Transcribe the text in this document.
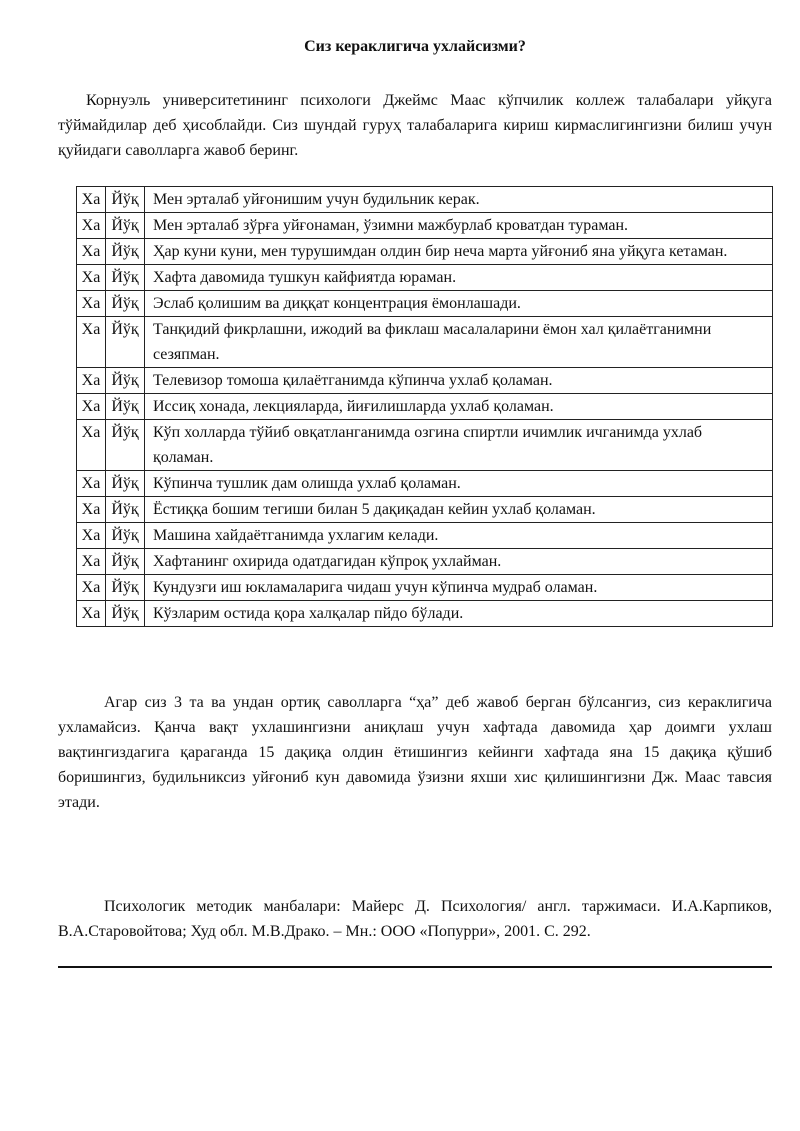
Сиз кераклигича ухлайсизми?

Корнуэль университетининг психологи Джеймс Маас кўпчилик коллеж талабалари уйқуга тўймайдилар деб ҳисоблайди. Сиз шундай гуруҳ талабаларига кириш кирмаслигингизни билиш учун қуйидаги саволларга жавоб беринг.

Ха	Йўқ	Мен эрталаб уйғонишим учун будильник керак.
Ха	Йўқ	Мен эрталаб зўрға уйғонаман, ўзимни мажбурлаб кроватдан тураман.
Ха	Йўқ	Ҳар куни куни, мен турушимдан олдин бир неча марта уйғониб яна уйқуга кетаман.
Ха	Йўқ	Хафта давомида тушкун кайфиятда юраман.
Ха	Йўқ	Эслаб қолишим ва диққат концентрация ёмонлашади.
Ха	Йўқ	Танқидий фикрлашни, ижодий ва фиклаш масалаларини ёмон хал қилаётганимни сезяпман.
Ха	Йўқ	Телевизор томоша қилаётганимда кўпинча ухлаб қоламан.
Ха	Йўқ	Иссиқ хонада, лекцияларда, йиғилишларда ухлаб қоламан.
Ха	Йўқ	Кўп холларда тўйиб овқатланганимда озгина спиртли ичимлик ичганимда ухлаб қоламан.
Ха	Йўқ	Кўпинча тушлик дам олишда ухлаб қоламан.
Ха	Йўқ	Ёстиққа бошим тегиши билан 5 дақиқадан кейин ухлаб қоламан.
Ха	Йўқ	Машина хайдаётганимда ухлагим келади.
Ха	Йўқ	Хафтанинг охирида одатдагидан кўпроқ ухлайман.
Ха	Йўқ	Кундузги иш юкламаларига чидаш учун кўпинча мудраб оламан.
Ха	Йўқ	Кўзларим остида қора халқалар пйдо бўлади.

Агар сиз 3 та ва ундан ортиқ саволларга “ҳа” деб жавоб берган бўлсангиз, сиз кераклигича ухламайсиз. Қанча вақт ухлашингизни аниқлаш учун хафтада давомида ҳар доимги ухлаш вақтингиздагига қараганда 15 дақиқа олдин ётишингиз кейинги хафтада яна 15 дақиқа қўшиб боришингиз, будильниксиз уйғониб кун давомида ўзизни яхши хис қилишингизни Дж. Маас тавсия этади.

Психологик методик манбалари: Майерс Д. Психология/ англ. таржимаси. И.А.Карпиков, В.А.Старовойтова; Худ обл. М.В.Драко. – Мн.: ООО «Попурри», 2001. С. 292.
